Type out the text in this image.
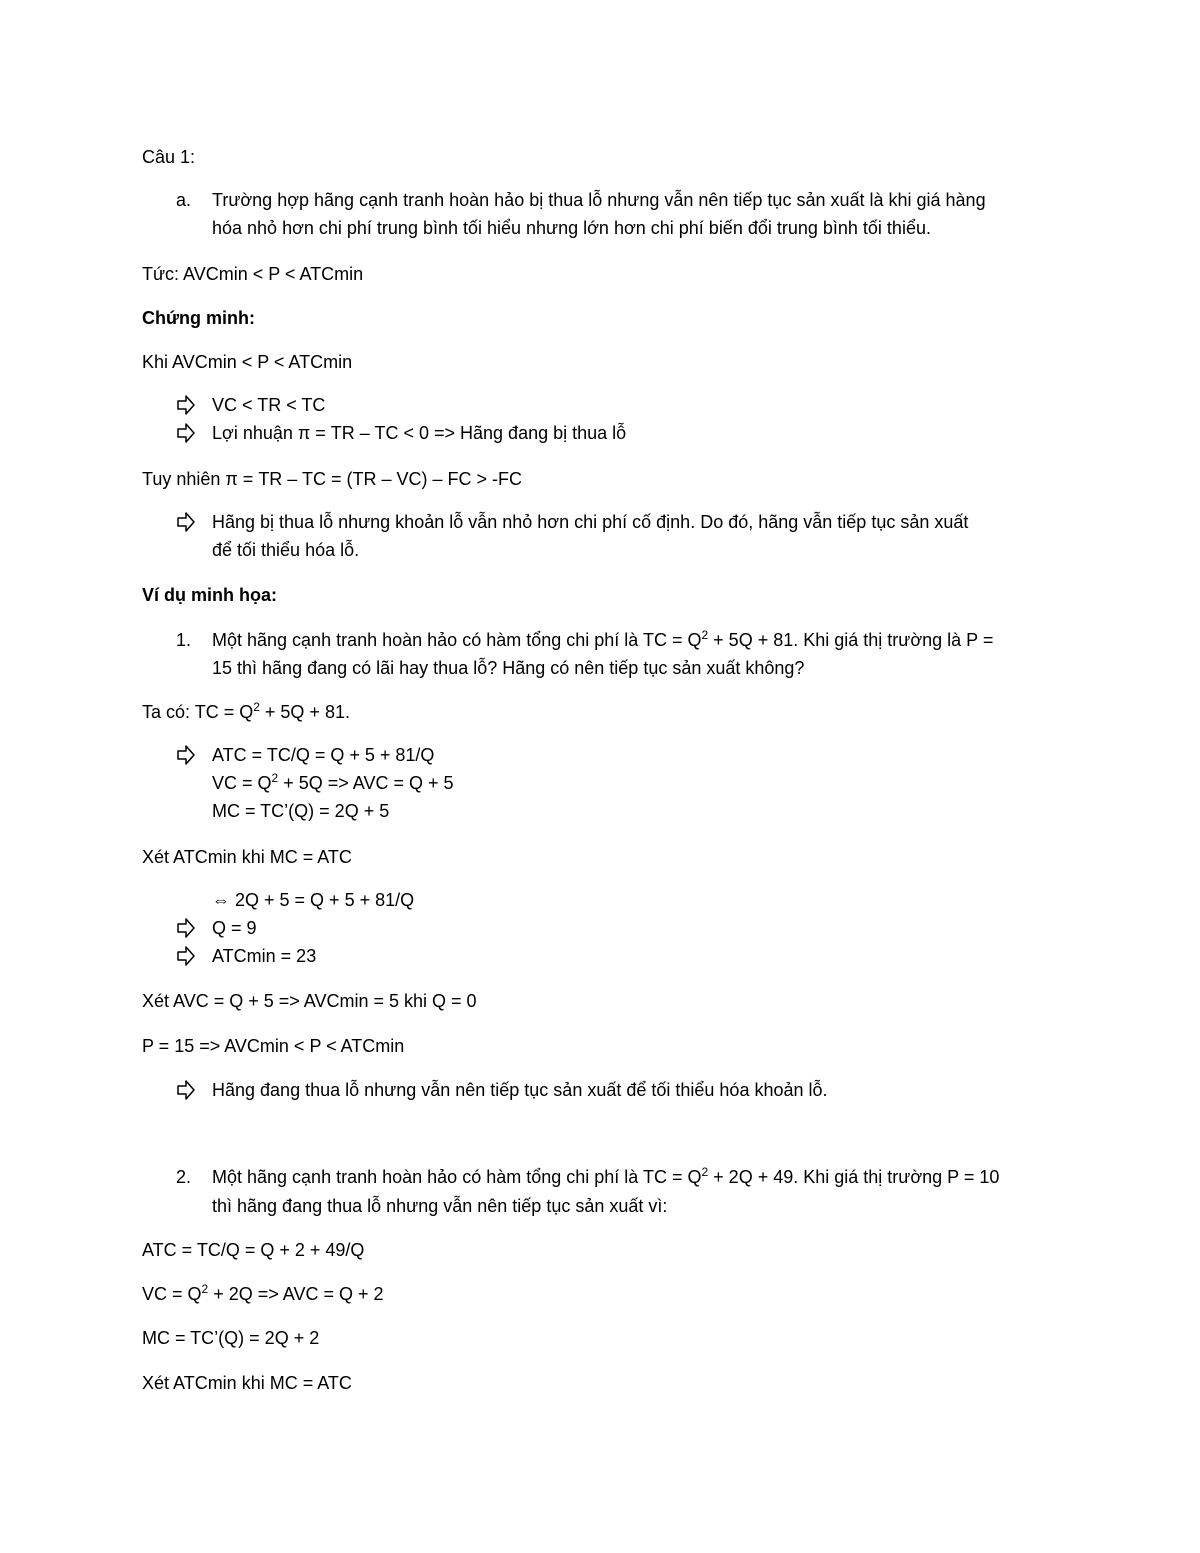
Câu 1:
a. Trường hợp hãng cạnh tranh hoàn hảo bị thua lỗ nhưng vẫn nên tiếp tục sản xuất là khi giá hàng
hóa nhỏ hơn chi phí trung bình tối hiểu nhưng lớn hơn chi phí biến đổi trung bình tối thiểu.
Tức: AVCmin < P < ATCmin
Chứng minh:
Khi AVCmin < P < ATCmin
VC < TR < TC
Lợi nhuận π = TR – TC < 0 => Hãng đang bị thua lỗ
Tuy nhiên π = TR – TC = (TR – VC) – FC > -FC
Hãng bị thua lỗ nhưng khoản lỗ vẫn nhỏ hơn chi phí cố định. Do đó, hãng vẫn tiếp tục sản xuất
để tối thiểu hóa lỗ.
Ví dụ minh họa:
1. Một hãng cạnh tranh hoàn hảo có hàm tổng chi phí là TC = $Q^2 + 5Q + 81$. Khi giá thị trường là P =
15 thì hãng đang có lãi hay thua lỗ? Hãng có nên tiếp tục sản xuất không?
Ta có: TC = $Q^2 + 5Q + 81$.
ATC = TC/Q = Q + 5 + 81/Q
VC = $Q^2 + 5Q$ => AVC = Q + 5
MC = TC’(Q) = 2Q + 5
Xét ATCmin khi MC = ATC
⇔ 2Q + 5 = Q + 5 + 81/Q
Q = 9
ATCmin = 23
Xét AVC = Q + 5 => AVCmin = 5 khi Q = 0
P = 15 => AVCmin < P < ATCmin
Hãng đang thua lỗ nhưng vẫn nên tiếp tục sản xuất để tối thiểu hóa khoản lỗ.
2. Một hãng cạnh tranh hoàn hảo có hàm tổng chi phí là TC = $Q^2 + 2Q + 49$. Khi giá thị trường P = 10
thì hãng đang thua lỗ nhưng vẫn nên tiếp tục sản xuất vì:
ATC = TC/Q = Q + 2 + 49/Q
VC = $Q^2 + 2Q$ => AVC = Q + 2
MC = TC’(Q) = 2Q + 2
Xét ATCmin khi MC = ATC
